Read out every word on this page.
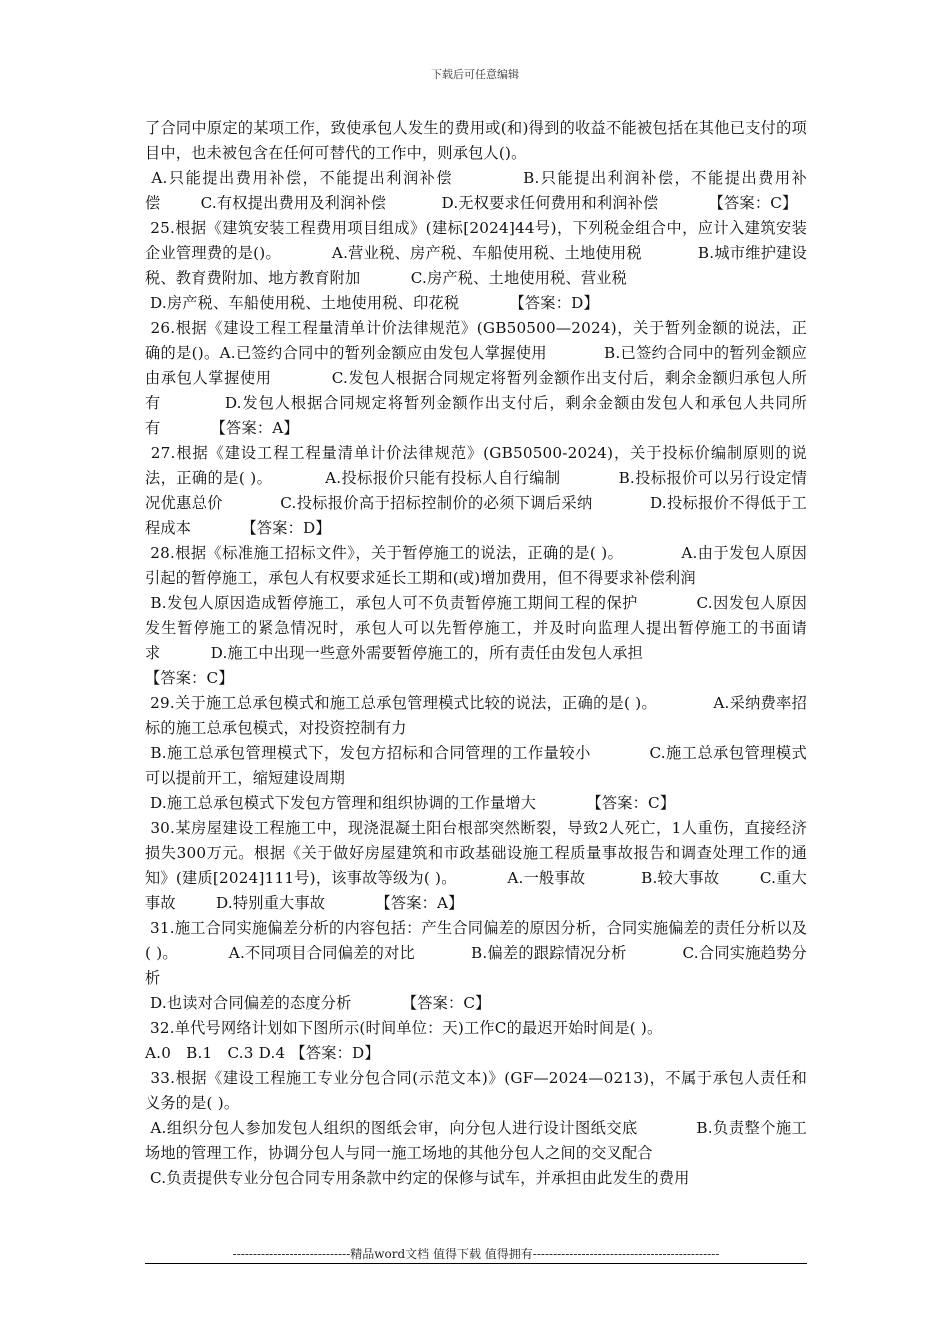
下载后可任意编辑

了合同中原定的某项工作，致使承包人发生的费用或(和)得到的收益不能被包括在其他已支付的项目中，也未被包含在任何可替代的工作中，则承包人()。

A.只能提出费用补偿，不能提出利润补偿           B.只能提出利润补偿，不能提出费用补偿        C.有权提出费用及利润补偿           D.无权要求任何费用和利润补偿          【答案：C】

25.根据《建筑安装工程费用项目组成》(建标[2024]44号)，下列税金组合中，应计入建筑安装企业管理费的是()。          A.营业税、房产税、车船使用税、土地使用税           B.城市维护建设税、教育费附加、地方教育附加          C.房产税、土地使用税、营业税

D.房产税、车船使用税、土地使用税、印花税          【答案：D】

26.根据《建设工程工程量清单计价法律规范》(GB50500—2024)，关于暂列金额的说法，正确的是()。A.已签约合同中的暂列金额应由发包人掌握使用           B.已签约合同中的暂列金额应由承包人掌握使用           C.发包人根据合同规定将暂列金额作出支付后，剩余金额归承包人所有           D.发包人根据合同规定将暂列金额作出支付后，剩余金额由发包人和承包人共同所有          【答案：A】

27.根据《建设工程工程量清单计价法律规范》(GB50500-2024)，关于投标价编制原则的说法，正确的是( )。          A.投标报价只能有投标人自行编制           B.投标报价可以另行设定情况优惠总价           C.投标报价高于招标控制价的必须下调后采纳           D.投标报价不得低于工程成本          【答案：D】

28.根据《标准施工招标文件》，关于暂停施工的说法，正确的是( )。           A.由于发包人原因引起的暂停施工，承包人有权要求延长工期和(或)增加费用，但不得要求补偿利润

B.发包人原因造成暂停施工，承包人可不负责暂停施工期间工程的保护           C.因发包人原因发生暂停施工的紧急情况时，承包人可以先暂停施工，并及时向监理人提出暂停施工的书面请求          D.施工中出现一些意外需要暂停施工的，所有责任由发包人承担

【答案：C】

29.关于施工总承包模式和施工总承包管理模式比较的说法，正确的是( )。           A.采纳费率招标的施工总承包模式，对投资控制有力

B.施工总承包管理模式下，发包方招标和合同管理的工作量较小           C.施工总承包管理模式可以提前开工，缩短建设周期

D.施工总承包模式下发包方管理和组织协调的工作量增大          【答案：C】

30.某房屋建设工程施工中，现浇混凝土阳台根部突然断裂，导致2人死亡，1人重伤，直接经济损失300万元。根据《关于做好房屋建筑和市政基础设施工程质量事故报告和调查处理工作的通知》(建质[2024]111号)，该事故等级为( )。          A.一般事故           B.较大事故        C.重大事故        D.特别重大事故          【答案：A】

31.施工合同实施偏差分析的内容包括：产生合同偏差的原因分析，合同实施偏差的责任分析以及( )。          A.不同项目合同偏差的对比           B.偏差的跟踪情况分析           C.合同实施趋势分析

D.也读对合同偏差的态度分析          【答案：C】

32.单代号网络计划如下图所示(时间单位：天)工作C的最迟开始时间是( )。

A.0   B.1   C.3 D.4 【答案：D】

33.根据《建设工程施工专业分包合同(示范文本)》(GF—2024—0213)，不属于承包人责任和义务的是( )。

A.组织分包人参加发包人组织的图纸会审，向分包人进行设计图纸交底           B.负责整个施工场地的管理工作，协调分包人与同一施工场地的其他分包人之间的交叉配合

C.负责提供专业分包合同专用条款中约定的保修与试车，并承担由此发生的费用

-----------------------------精品word文档 值得下载 值得拥有----------------------------------------------
